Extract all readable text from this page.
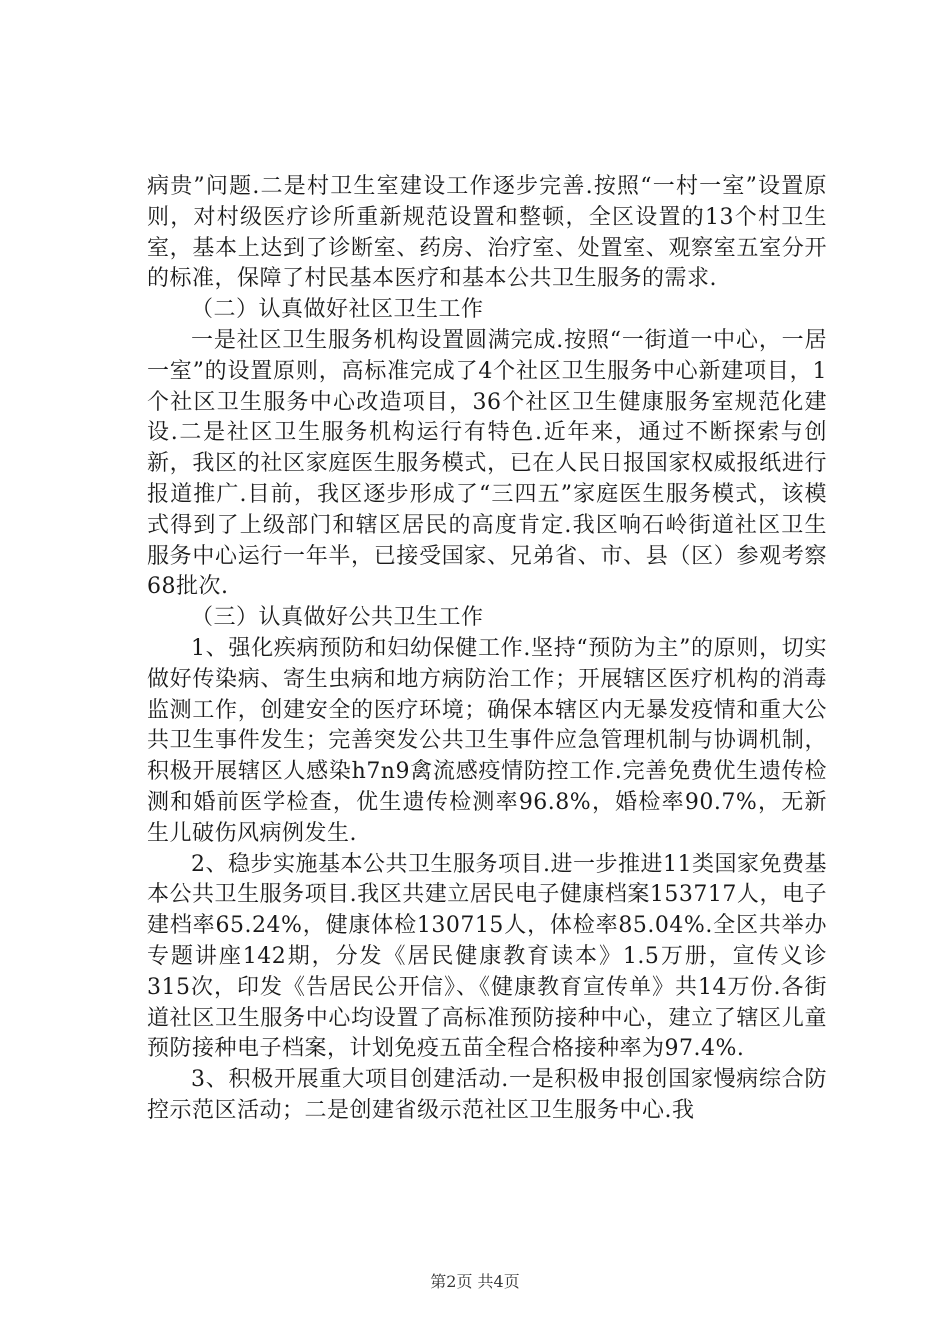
病贵”问题.二是村卫生室建设工作逐步完善.按照“一村一室”设置原则，对村级医疗诊所重新规范设置和整顿，全区设置的13个村卫生室，基本上达到了诊断室、药房、治疗室、处置室、观察室五室分开的标准，保障了村民基本医疗和基本公共卫生服务的需求.

（二）认真做好社区卫生工作

一是社区卫生服务机构设置圆满完成.按照“一街道一中心，一居一室”的设置原则，高标准完成了4个社区卫生服务中心新建项目，1个社区卫生服务中心改造项目，36个社区卫生健康服务室规范化建设.二是社区卫生服务机构运行有特色.近年来，通过不断探索与创新，我区的社区家庭医生服务模式，已在人民日报国家权威报纸进行报道推广.目前，我区逐步形成了“三四五”家庭医生服务模式，该模式得到了上级部门和辖区居民的高度肯定.我区响石岭街道社区卫生服务中心运行一年半，已接受国家、兄弟省、市、县（区）参观考察68批次.

（三）认真做好公共卫生工作

1、强化疾病预防和妇幼保健工作.坚持“预防为主”的原则，切实做好传染病、寄生虫病和地方病防治工作；开展辖区医疗机构的消毒监测工作，创建安全的医疗环境；确保本辖区内无暴发疫情和重大公共卫生事件发生；完善突发公共卫生事件应急管理机制与协调机制，积极开展辖区人感染h7n9禽流感疫情防控工作.完善免费优生遗传检测和婚前医学检查，优生遗传检测率96.8%，婚检率90.7%，无新生儿破伤风病例发生.

2、稳步实施基本公共卫生服务项目.进一步推进11类国家免费基本公共卫生服务项目.我区共建立居民电子健康档案153717人，电子建档率65.24%，健康体检130715人，体检率85.04%.全区共举办专题讲座142期，分发《居民健康教育读本》1.5万册，宣传义诊315次，印发《告居民公开信》、《健康教育宣传单》共14万份.各街道社区卫生服务中心均设置了高标准预防接种中心，建立了辖区儿童预防接种电子档案，计划免疫五苗全程合格接种率为97.4%.

3、积极开展重大项目创建活动.一是积极申报创国家慢病综合防控示范区活动；二是创建省级示范社区卫生服务中心.我

第2页 共4页
